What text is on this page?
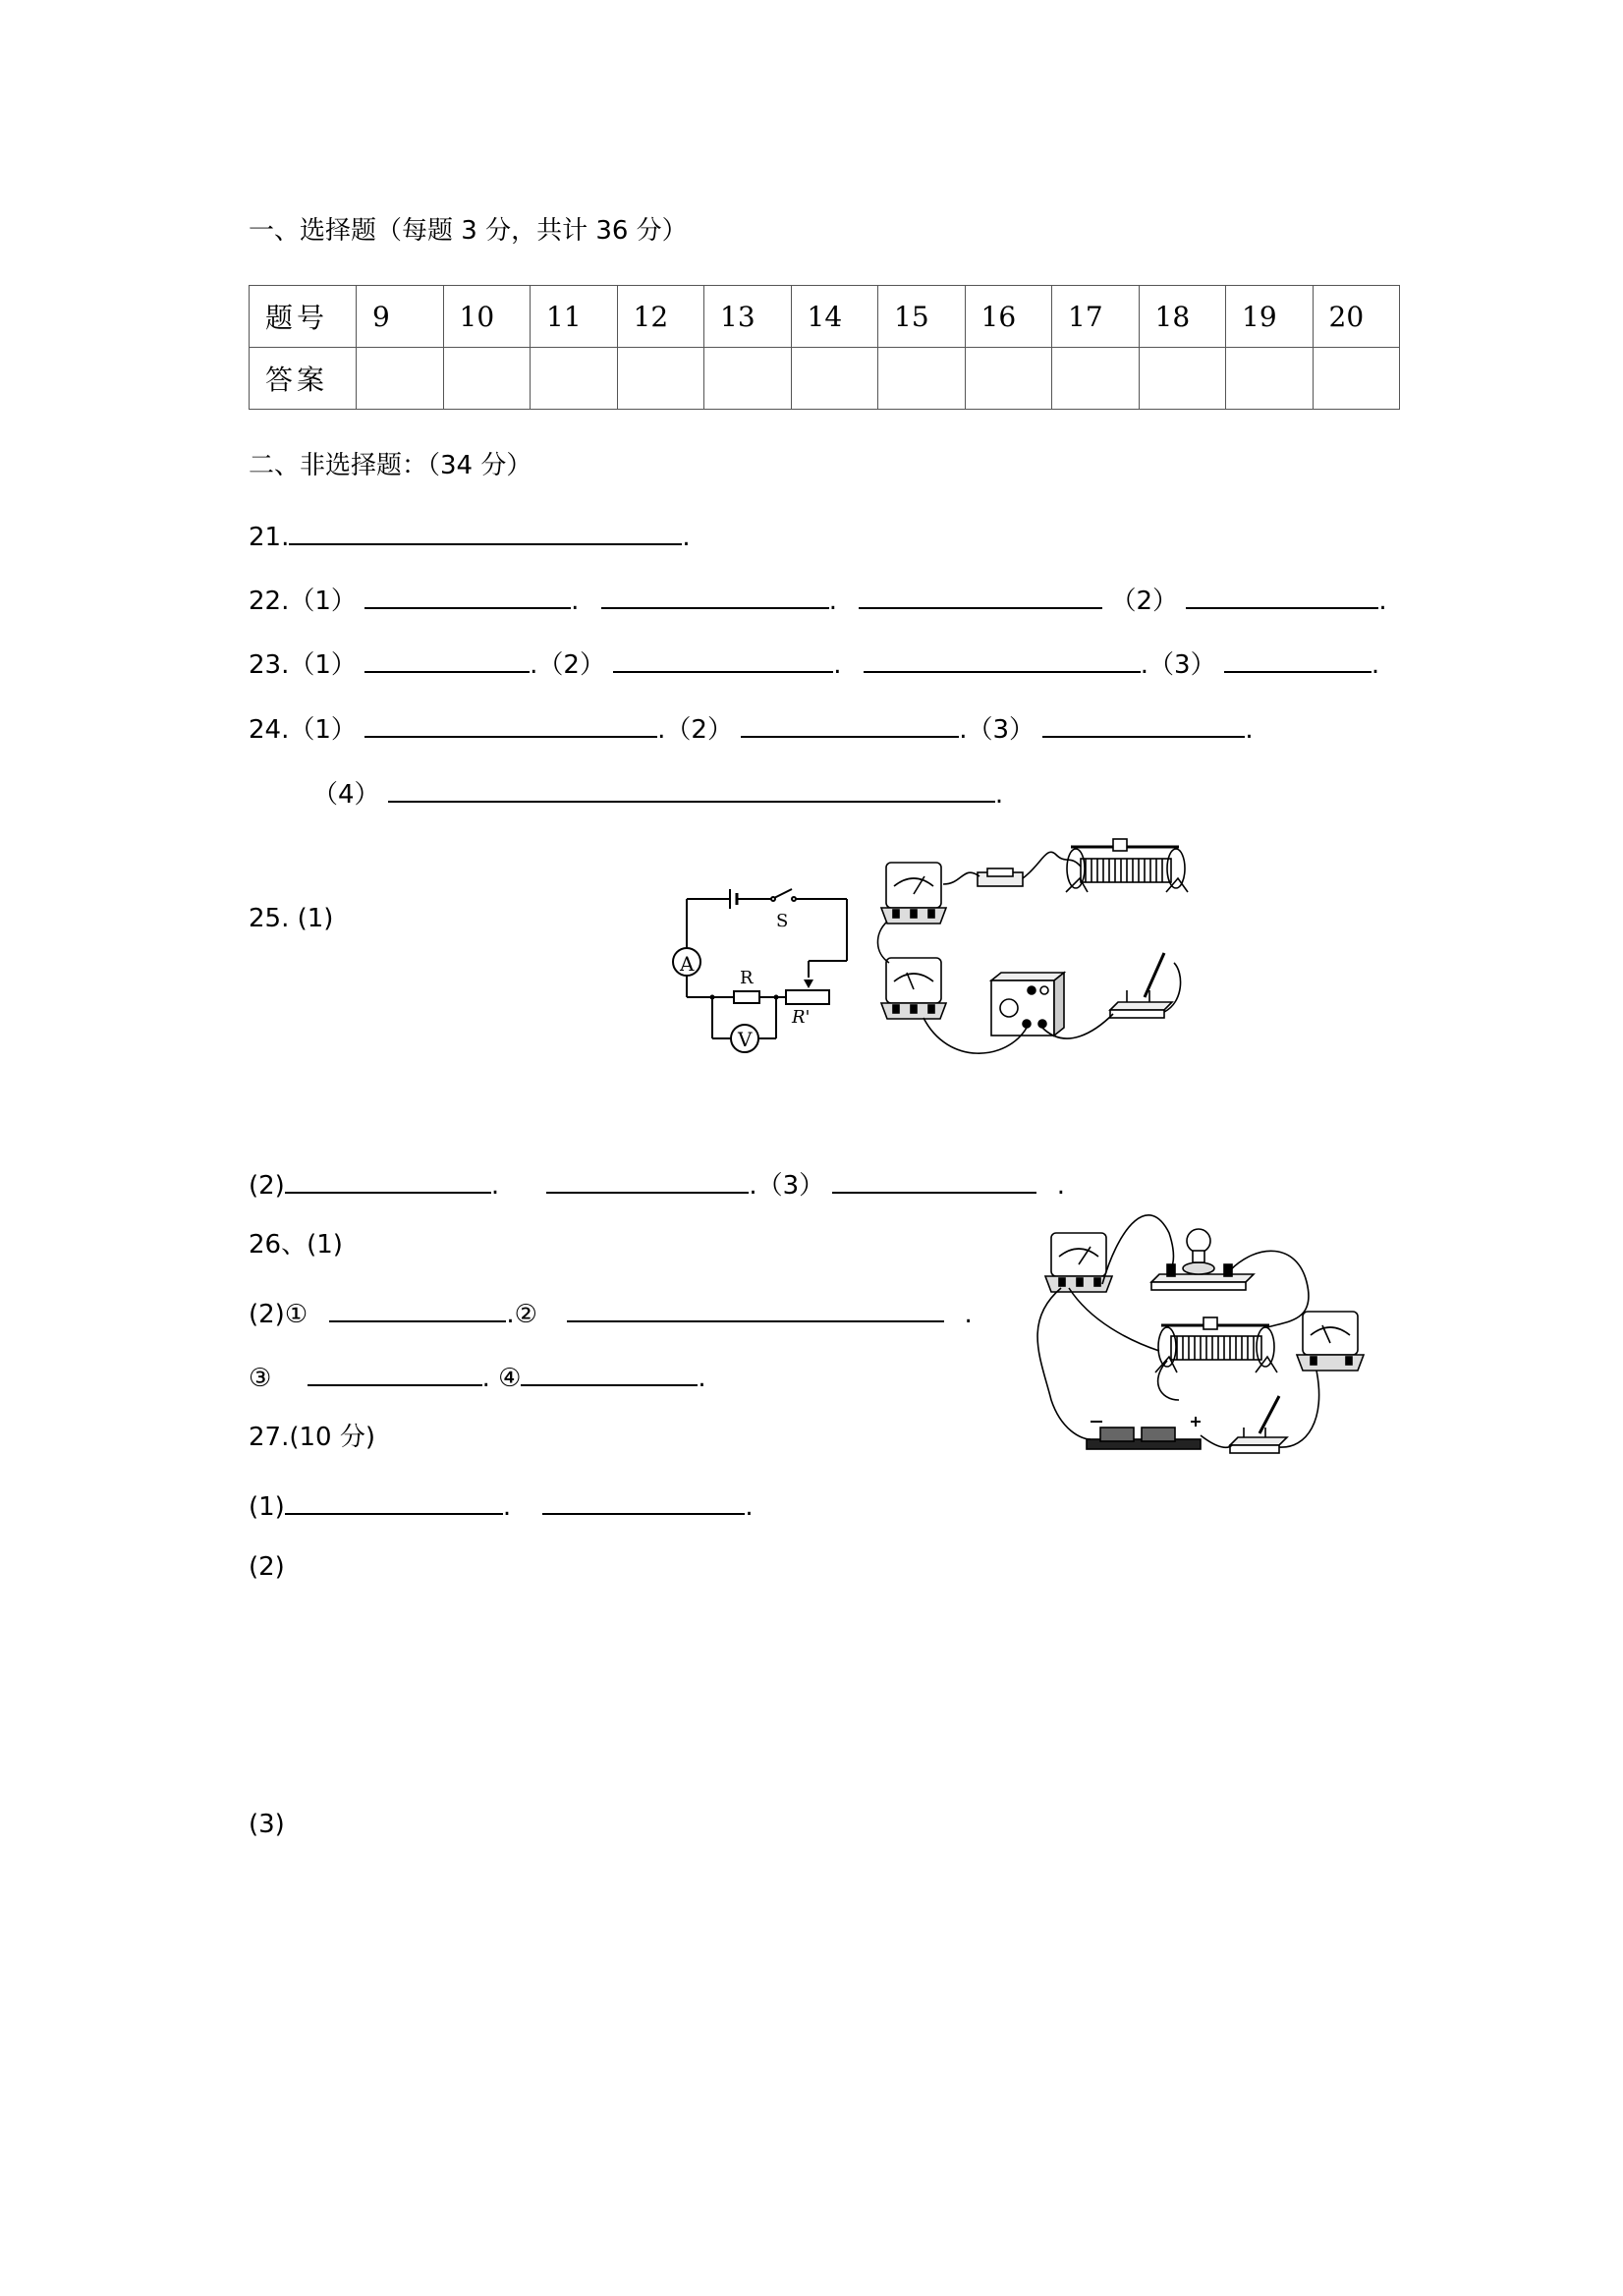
一、选择题（每题 3 分，共计 36 分）
题号	9	10	11	12	13	14	15	16	17	18	19	20
答案												
二、非选择题：（34 分）
21.	.
22.（1）	.	.	（2）	.
23.（1）	.（2）	.	.（3）	.
24.（1）	.（2）	.（3）	.
（4）	.
25. (1)
A
V
S
R
R'
(2)	.	.（3）	.
26、(1)
(2)①	.②	.
③	. ④	.
27.(10 分)
(1)	.	.
(2)
(3)
